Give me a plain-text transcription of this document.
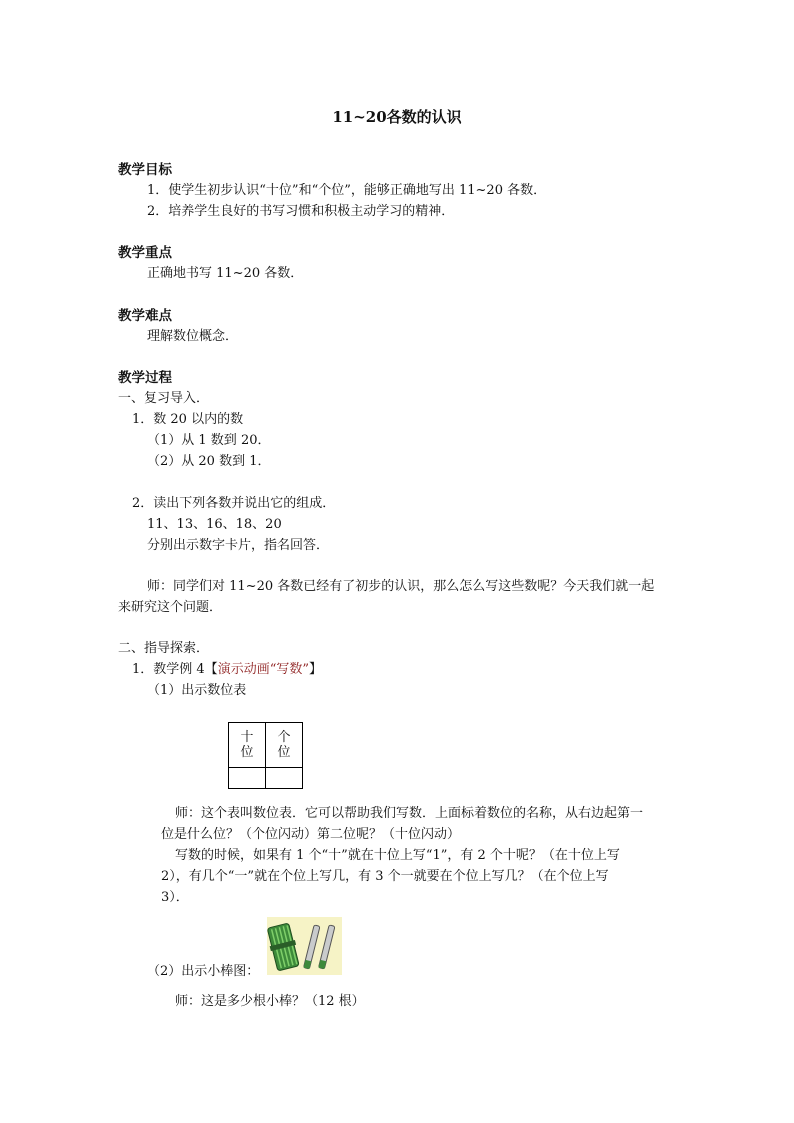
11~20各数的认识
教学目标
1．使学生初步认识“十位”和“个位”，能够正确地写出 11~20 各数．
2．培养学生良好的书写习惯和积极主动学习的精神．
教学重点
正确地书写 11~20 各数．
教学难点
理解数位概念．
教学过程
一、复习导入．
1．数 20 以内的数
（1）从 1 数到 20．
（2）从 20 数到 1．
2．读出下列各数并说出它的组成．
11、13、16、18、20
分别出示数字卡片，指名回答．
师：同学们对 11~20 各数已经有了初步的认识，那么怎么写这些数呢？今天我们就一起
来研究这个问题．
二、指导探索．
1．教学例 4【演示动画“写数”】
（1）出示数位表
十
位	个
位

师：这个表叫数位表．它可以帮助我们写数．上面标着数位的名称，从右边起第一
位是什么位？（个位闪动）第二位呢？（十位闪动）
写数的时候，如果有 1 个“十”就在十位上写“1”，有 2 个十呢？（在十位上写
2），有几个“一”就在个位上写几，有 3 个一就要在个位上写几？（在个位上写
3）．
（2）出示小棒图：
师：这是多少根小棒？（12 根）
